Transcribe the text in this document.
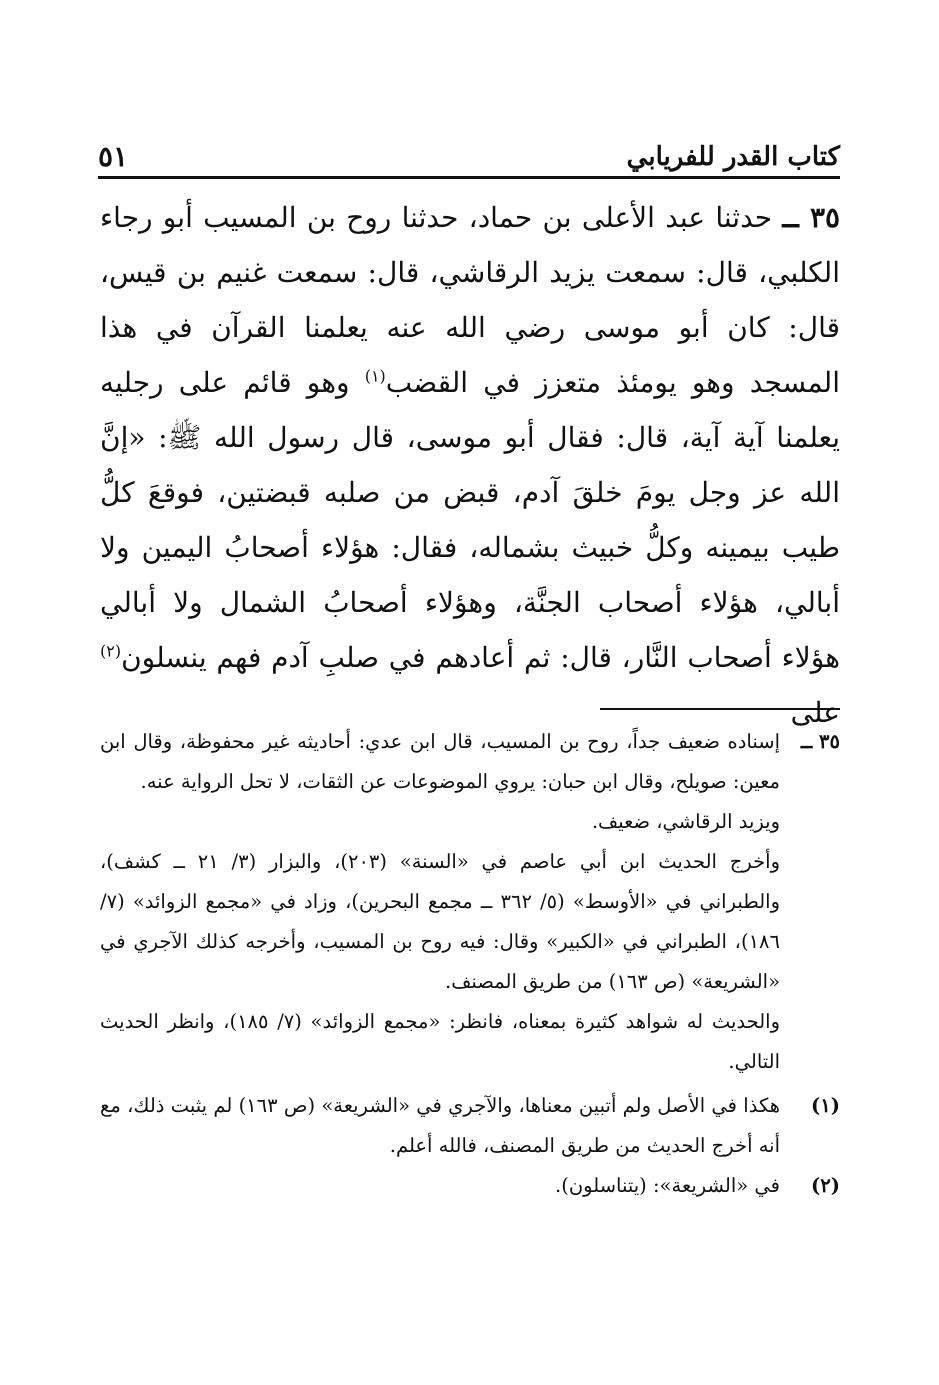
كتاب القدر للفريابي
٥١

٣٥ ــ حدثنا عبد الأعلى بن حماد، حدثنا روح بن المسيب أبو رجاء الكلبي، قال: سمعت يزيد الرقاشي، قال: سمعت غنيم بن قيس، قال: كان أبو موسى رضي الله عنه يعلمنا القرآن في هذا المسجد وهو يومئذ متعزز في القضب$^{(١)}$ وهو قائم على رجليه يعلمنا آية آية، قال: فقال أبو موسى، قال رسول الله ﷺ: «إنَّ الله عز وجل يومَ خلقَ آدم، قبض من صلبه قبضتين، فوقعَ كلُّ طيب بيمينه وكلُّ خبيث بشماله، فقال: هؤلاء أصحابُ اليمين ولا أبالي، هؤلاء أصحاب الجنَّة، وهؤلاء أصحابُ الشمال ولا أبالي هؤلاء أصحاب النَّار، قال: ثم أعادهم في صلبِ آدم فهم ينسلون$^{(٢)}$ على

٣٥ ــ

إسناده ضعيف جداً، روح بن المسيب، قال ابن عدي: أحاديثه غير محفوظة، وقال ابن معين: صويلح، وقال ابن حبان: يروي الموضوعات عن الثقات، لا تحل الرواية عنه.

ويزيد الرقاشي، ضعيف.

وأخرج الحديث ابن أبي عاصم في «السنة» (٢٠٣)، والبزار (٣/ ٢١ ــ كشف)، والطبراني في «الأوسط» (٥/ ٣٦٢ ــ مجمع البحرين)، وزاد في «مجمع الزوائد» (٧/ ١٨٦)، الطبراني في «الكبير» وقال: فيه روح بن المسيب، وأخرجه كذلك الآجري في «الشريعة» (ص ١٦٣) من طريق المصنف.

والحديث له شواهد كثيرة بمعناه، فانظر: «مجمع الزوائد» (٧/ ١٨٥)، وانظر الحديث التالي.

(١)

هكذا في الأصل ولم أتبين معناها، والآجري في «الشريعة» (ص ١٦٣) لم يثبت ذلك، مع أنه أخرج الحديث من طريق المصنف، فالله أعلم.

(٢)

في «الشريعة»: (يتناسلون).
